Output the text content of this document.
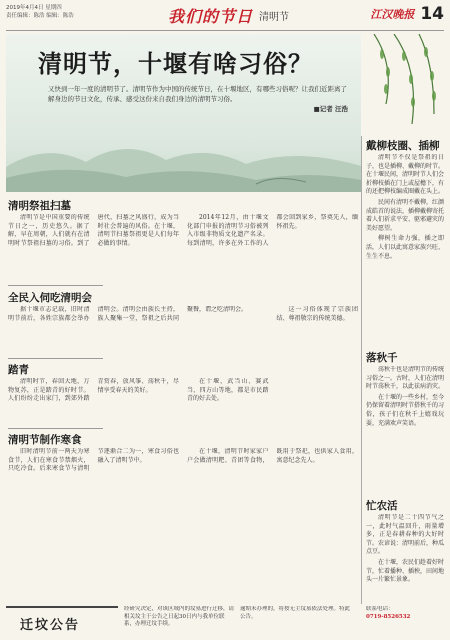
2019年4月4日 星期四
责任编辑：陈浩 编辑：陈浩	我们的节日 清明节	江汉晚报 14
清明节，十堰有啥习俗？
又快到一年一度的清明节了。清明节作为中国的传统节日，在十堰地区，有哪些习俗呢？让我们近距离了解身边的节日文化，传承、感受这份来自我们身边的清明节习俗。
■记者 汪浩
戴柳枝圈、插柳

清明节不仅是祭祖的日子，也是插柳、戴柳的时节。在十堰民间，清明时节人们会折柳枝插在门上或屋檐下，有的还把柳枝编成圈戴在头上。

民间有清明不戴柳，红颜成皓首的说法，插柳戴柳寄托着人们祈求平安、驱邪避灾的美好愿望。

柳树生命力强，插之即活，人们以此寓意家族兴旺、生生不息。

落秋千

荡秋千也是清明节的传统习俗之一。古时，人们在清明时节荡秋千，以此祛病消灾。

在十堰的一些乡村，至今仍保留着清明时节搭秋千的习俗，孩子们在秋千上嬉戏玩耍，充满欢声笑语。

忙农活

清明节是二十四节气之一，此时气温回升，雨量增多，正是春耕春种的大好时节。农谚说：清明前后，种瓜点豆。

在十堰，农民们趁着好时节，忙着播种、插秧，田间地头一片繁忙景象。

清明祭祖扫墓

清明节是中国重要的传统节日之一，历史悠久。据了解，早在周朝，人们就有在清明时节祭祖扫墓的习俗。到了唐代，扫墓之风盛行，成为当时社会普遍的风俗。在十堰，清明节扫墓祭祖更是人们每年必做的事情。

2014年12月，由十堰文化部门申报的清明节习俗被列入市级非物质文化遗产名录。每到清明，许多在外工作的人都会回到家乡，祭奠先人，缅怀祖先。

全民入伺吃清明会

据十堰市志记载，旧时清明节前后，各姓宗族都会举办清明会。清明会由族长主持，族人聚集一堂，祭祖之后共同聚餐，谓之吃清明会。	这一习俗体现了宗族团结、尊祖敬宗的传统美德。

踏青

清明时节，春回大地，万物复苏，正是踏青的好时节。人们纷纷走出家门，到郊外踏青赏春，放风筝、荡秋千，尽情享受春天的美好。

在十堰，武当山、赛武当、四方山等地，都是市民踏青的好去处。

清明节制作寒食

旧时清明节前一两天为寒食节，人们在寒食节禁烟火，只吃冷食。后来寒食节与清明节逐渐合二为一，寒食习俗也融入了清明节中。

在十堰，清明节时家家户户会做清明粑、青团等食物，既用于祭祀，也供家人食用，寓意纪念先人。

迁坟公告
经研究决定，对该区域内的坟墓进行迁移，请相关坟主于公告之日起30日内与我单位联系，办理迁坟手续。
逾期未办理的，将按无主坟墓依法处理。特此公告。
联系电话：
0719-8526532
